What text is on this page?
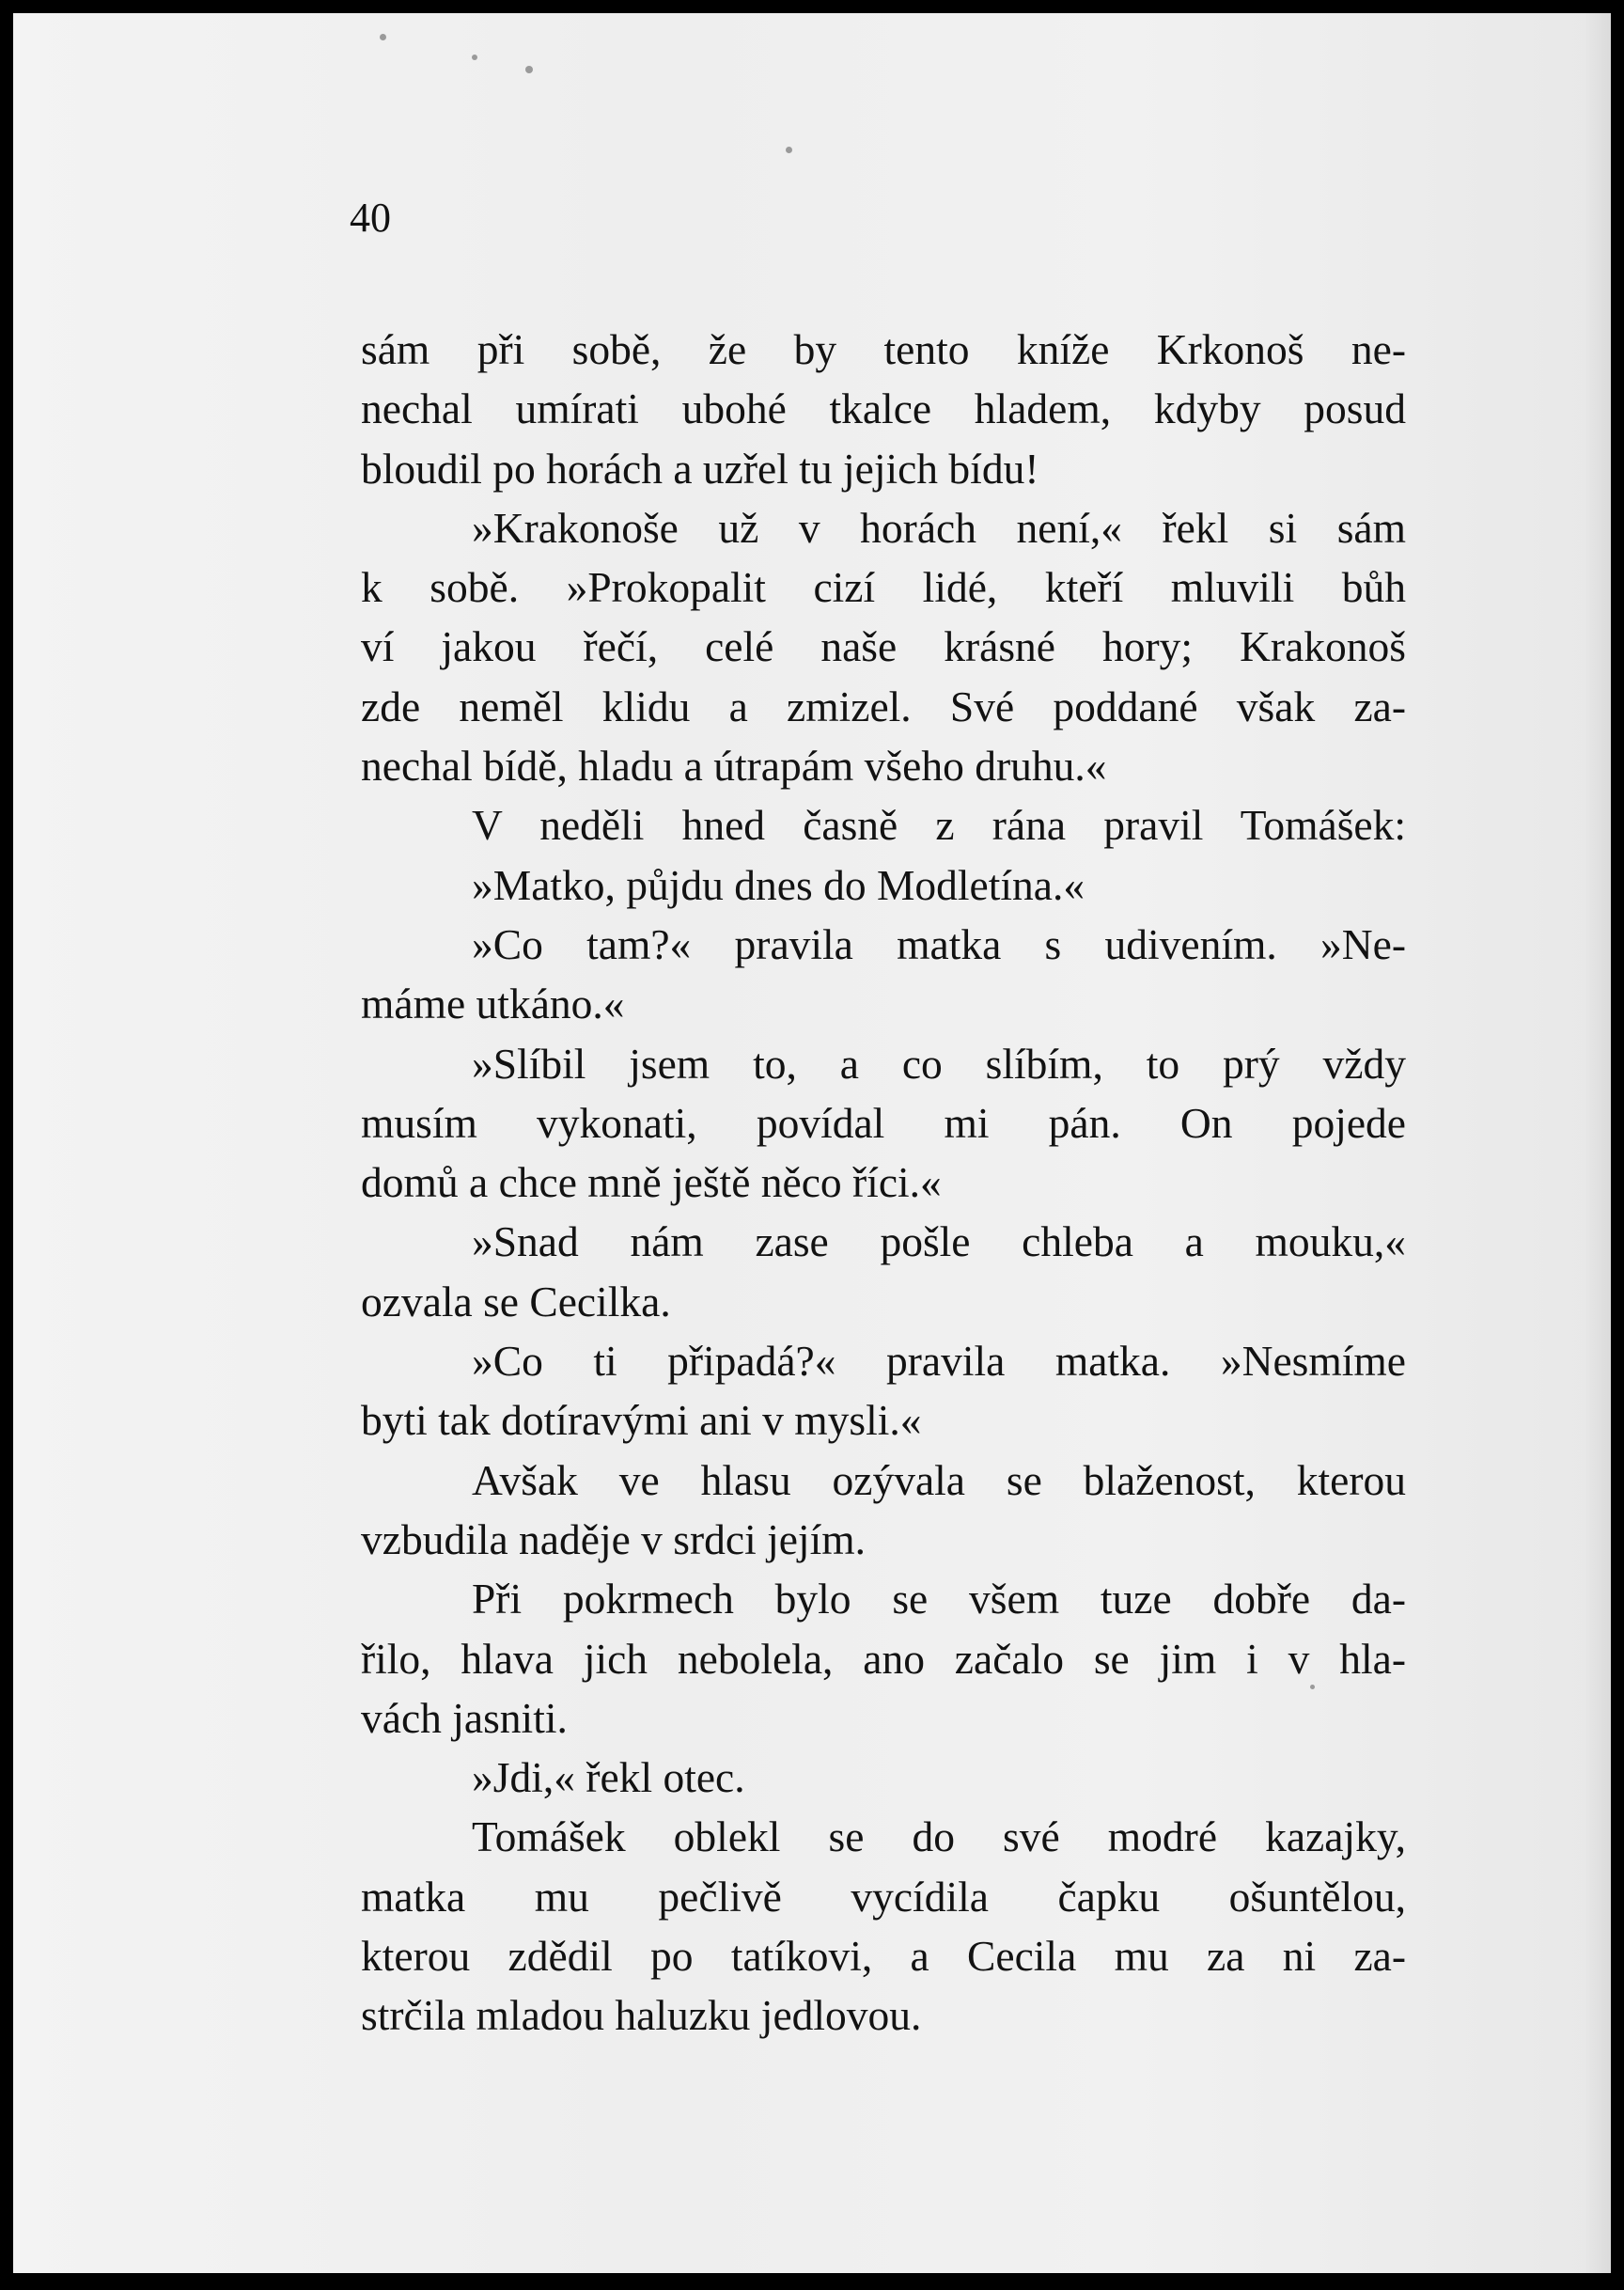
40
sám při sobě, že by tento kníže Krkonoš ne-
nechal umírati ubohé tkalce hladem, kdyby posud
bloudil po horách a uzřel tu jejich bídu!
»Krakonoše už v horách není,« řekl si sám
k sobě. »Prokopalit cizí lidé, kteří mluvili bůh
ví jakou řečí, celé naše krásné hory; Krakonoš
zde neměl klidu a zmizel. Své poddané však za-
nechal bídě, hladu a útrapám všeho druhu.«
V neděli hned časně z rána pravil Tomášek:
»Matko, půjdu dnes do Modletína.«
»Co tam?« pravila matka s udivením. »Ne-
máme utkáno.«
»Slíbil jsem to, a co slíbím, to prý vždy
musím vykonati, povídal mi pán. On pojede
domů a chce mně ještě něco říci.«
»Snad nám zase pošle chleba a mouku,«
ozvala se Cecilka.
»Co ti připadá?« pravila matka. »Nesmíme
byti tak dotíravými ani v mysli.«
Avšak ve hlasu ozývala se blaženost, kterou
vzbudila naděje v srdci jejím.
Při pokrmech bylo se všem tuze dobře da-
řilo, hlava jich nebolela, ano začalo se jim i v hla-
vách jasniti.
»Jdi,« řekl otec.
Tomášek oblekl se do své modré kazajky,
matka mu pečlivě vycídila čapku ošuntělou,
kterou zdědil po tatíkovi, a Cecila mu za ni za-
strčila mladou haluzku jedlovou.
